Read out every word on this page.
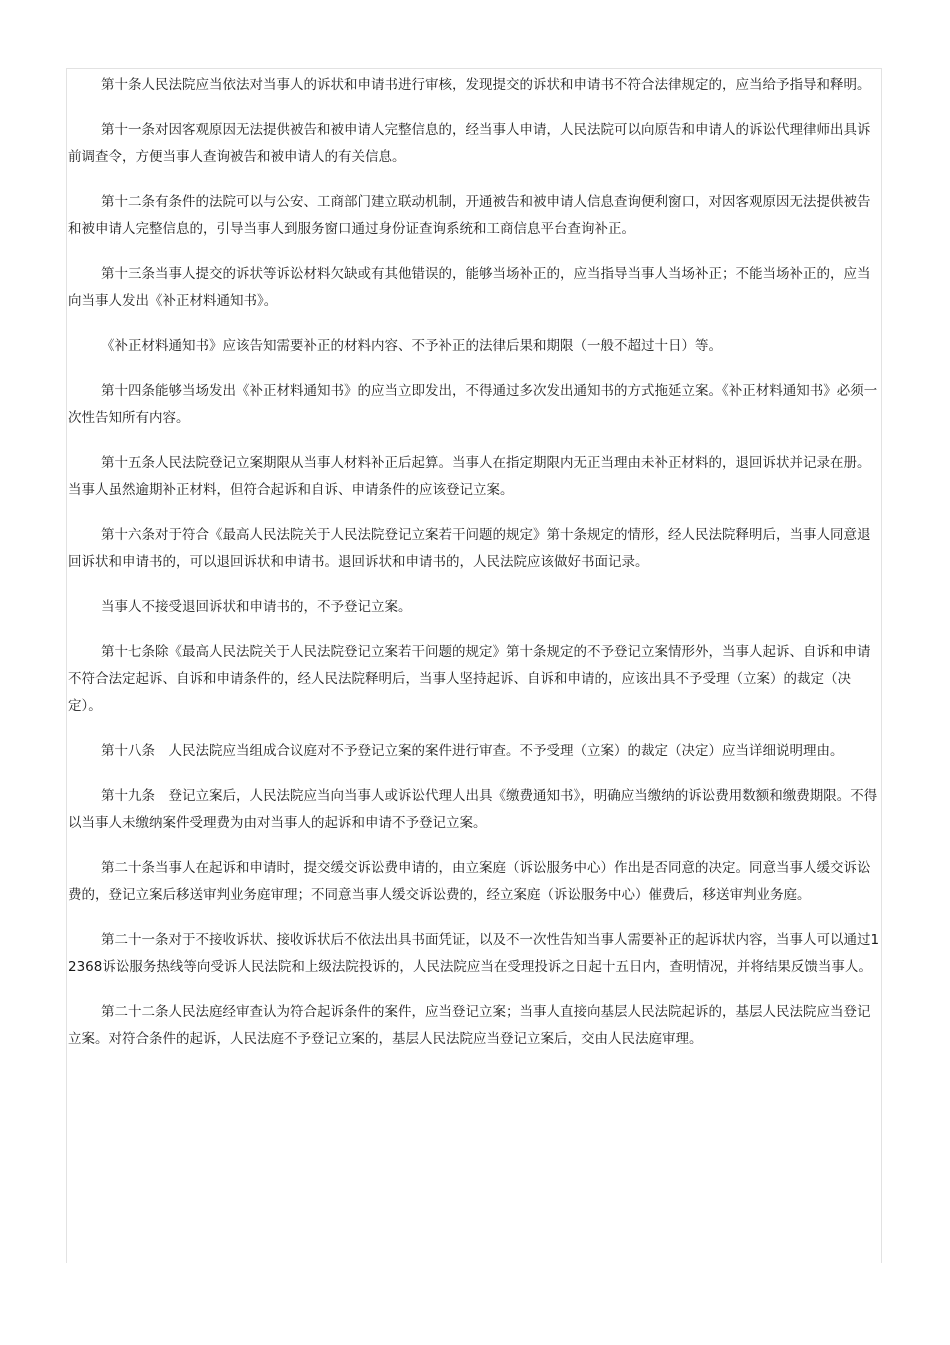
第十条人民法院应当依法对当事人的诉状和申请书进行审核，发现提交的诉状和申请书不符合法律规定的，应当给予指导和释明。

第十一条对因客观原因无法提供被告和被申请人完整信息的，经当事人申请，人民法院可以向原告和申请人的诉讼代理律师出具诉前调查令，方便当事人查询被告和被申请人的有关信息。

第十二条有条件的法院可以与公安、工商部门建立联动机制，开通被告和被申请人信息查询便利窗口，对因客观原因无法提供被告和被申请人完整信息的，引导当事人到服务窗口通过身份证查询系统和工商信息平台查询补正。

第十三条当事人提交的诉状等诉讼材料欠缺或有其他错误的，能够当场补正的，应当指导当事人当场补正；不能当场补正的，应当向当事人发出《补正材料通知书》。

《补正材料通知书》应该告知需要补正的材料内容、不予补正的法律后果和期限（一般不超过十日）等。

第十四条能够当场发出《补正材料通知书》的应当立即发出，不得通过多次发出通知书的方式拖延立案。《补正材料通知书》必须一次性告知所有内容。

第十五条人民法院登记立案期限从当事人材料补正后起算。当事人在指定期限内无正当理由未补正材料的，退回诉状并记录在册。当事人虽然逾期补正材料，但符合起诉和自诉、申请条件的应该登记立案。

第十六条对于符合《最高人民法院关于人民法院登记立案若干问题的规定》第十条规定的情形，经人民法院释明后，当事人同意退回诉状和申请书的，可以退回诉状和申请书。退回诉状和申请书的，人民法院应该做好书面记录。

当事人不接受退回诉状和申请书的，不予登记立案。

第十七条除《最高人民法院关于人民法院登记立案若干问题的规定》第十条规定的不予登记立案情形外，当事人起诉、自诉和申请不符合法定起诉、自诉和申请条件的，经人民法院释明后，当事人坚持起诉、自诉和申请的，应该出具不予受理（立案）的裁定（决定）。

第十八条　人民法院应当组成合议庭对不予登记立案的案件进行审查。不予受理（立案）的裁定（决定）应当详细说明理由。

第十九条　登记立案后，人民法院应当向当事人或诉讼代理人出具《缴费通知书》，明确应当缴纳的诉讼费用数额和缴费期限。不得以当事人未缴纳案件受理费为由对当事人的起诉和申请不予登记立案。

第二十条当事人在起诉和申请时，提交缓交诉讼费申请的，由立案庭（诉讼服务中心）作出是否同意的决定。同意当事人缓交诉讼费的，登记立案后移送审判业务庭审理；不同意当事人缓交诉讼费的，经立案庭（诉讼服务中心）催费后，移送审判业务庭。

第二十一条对于不接收诉状、接收诉状后不依法出具书面凭证，以及不一次性告知当事人需要补正的起诉状内容，当事人可以通过12368诉讼服务热线等向受诉人民法院和上级法院投诉的，人民法院应当在受理投诉之日起十五日内，查明情况，并将结果反馈当事人。

第二十二条人民法庭经审查认为符合起诉条件的案件，应当登记立案；当事人直接向基层人民法院起诉的，基层人民法院应当登记立案。对符合条件的起诉，人民法庭不予登记立案的，基层人民法院应当登记立案后，交由人民法庭审理。
